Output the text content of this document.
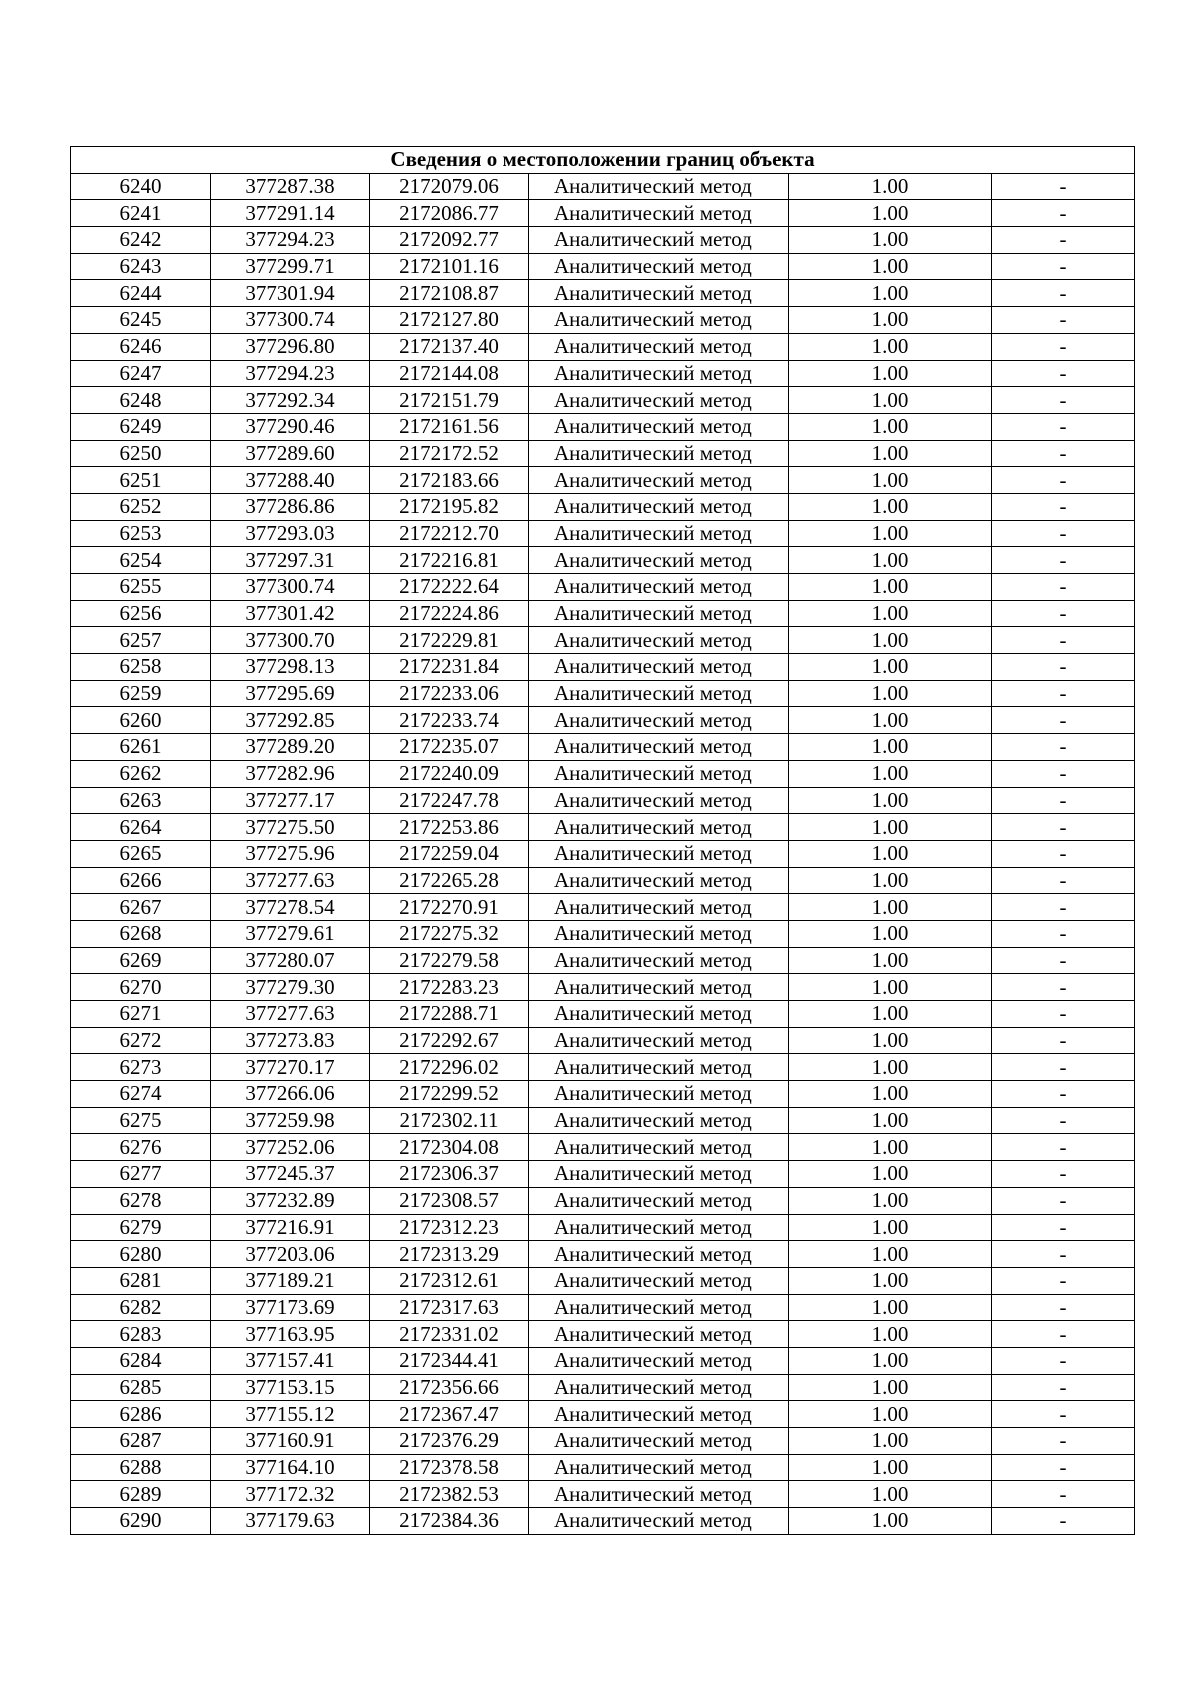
Сведения о местоположении границ объекта					
6240	377287.38	2172079.06	Аналитический метод	1.00	-
6241	377291.14	2172086.77	Аналитический метод	1.00	-
6242	377294.23	2172092.77	Аналитический метод	1.00	-
6243	377299.71	2172101.16	Аналитический метод	1.00	-
6244	377301.94	2172108.87	Аналитический метод	1.00	-
6245	377300.74	2172127.80	Аналитический метод	1.00	-
6246	377296.80	2172137.40	Аналитический метод	1.00	-
6247	377294.23	2172144.08	Аналитический метод	1.00	-
6248	377292.34	2172151.79	Аналитический метод	1.00	-
6249	377290.46	2172161.56	Аналитический метод	1.00	-
6250	377289.60	2172172.52	Аналитический метод	1.00	-
6251	377288.40	2172183.66	Аналитический метод	1.00	-
6252	377286.86	2172195.82	Аналитический метод	1.00	-
6253	377293.03	2172212.70	Аналитический метод	1.00	-
6254	377297.31	2172216.81	Аналитический метод	1.00	-
6255	377300.74	2172222.64	Аналитический метод	1.00	-
6256	377301.42	2172224.86	Аналитический метод	1.00	-
6257	377300.70	2172229.81	Аналитический метод	1.00	-
6258	377298.13	2172231.84	Аналитический метод	1.00	-
6259	377295.69	2172233.06	Аналитический метод	1.00	-
6260	377292.85	2172233.74	Аналитический метод	1.00	-
6261	377289.20	2172235.07	Аналитический метод	1.00	-
6262	377282.96	2172240.09	Аналитический метод	1.00	-
6263	377277.17	2172247.78	Аналитический метод	1.00	-
6264	377275.50	2172253.86	Аналитический метод	1.00	-
6265	377275.96	2172259.04	Аналитический метод	1.00	-
6266	377277.63	2172265.28	Аналитический метод	1.00	-
6267	377278.54	2172270.91	Аналитический метод	1.00	-
6268	377279.61	2172275.32	Аналитический метод	1.00	-
6269	377280.07	2172279.58	Аналитический метод	1.00	-
6270	377279.30	2172283.23	Аналитический метод	1.00	-
6271	377277.63	2172288.71	Аналитический метод	1.00	-
6272	377273.83	2172292.67	Аналитический метод	1.00	-
6273	377270.17	2172296.02	Аналитический метод	1.00	-
6274	377266.06	2172299.52	Аналитический метод	1.00	-
6275	377259.98	2172302.11	Аналитический метод	1.00	-
6276	377252.06	2172304.08	Аналитический метод	1.00	-
6277	377245.37	2172306.37	Аналитический метод	1.00	-
6278	377232.89	2172308.57	Аналитический метод	1.00	-
6279	377216.91	2172312.23	Аналитический метод	1.00	-
6280	377203.06	2172313.29	Аналитический метод	1.00	-
6281	377189.21	2172312.61	Аналитический метод	1.00	-
6282	377173.69	2172317.63	Аналитический метод	1.00	-
6283	377163.95	2172331.02	Аналитический метод	1.00	-
6284	377157.41	2172344.41	Аналитический метод	1.00	-
6285	377153.15	2172356.66	Аналитический метод	1.00	-
6286	377155.12	2172367.47	Аналитический метод	1.00	-
6287	377160.91	2172376.29	Аналитический метод	1.00	-
6288	377164.10	2172378.58	Аналитический метод	1.00	-
6289	377172.32	2172382.53	Аналитический метод	1.00	-
6290	377179.63	2172384.36	Аналитический метод	1.00	-
